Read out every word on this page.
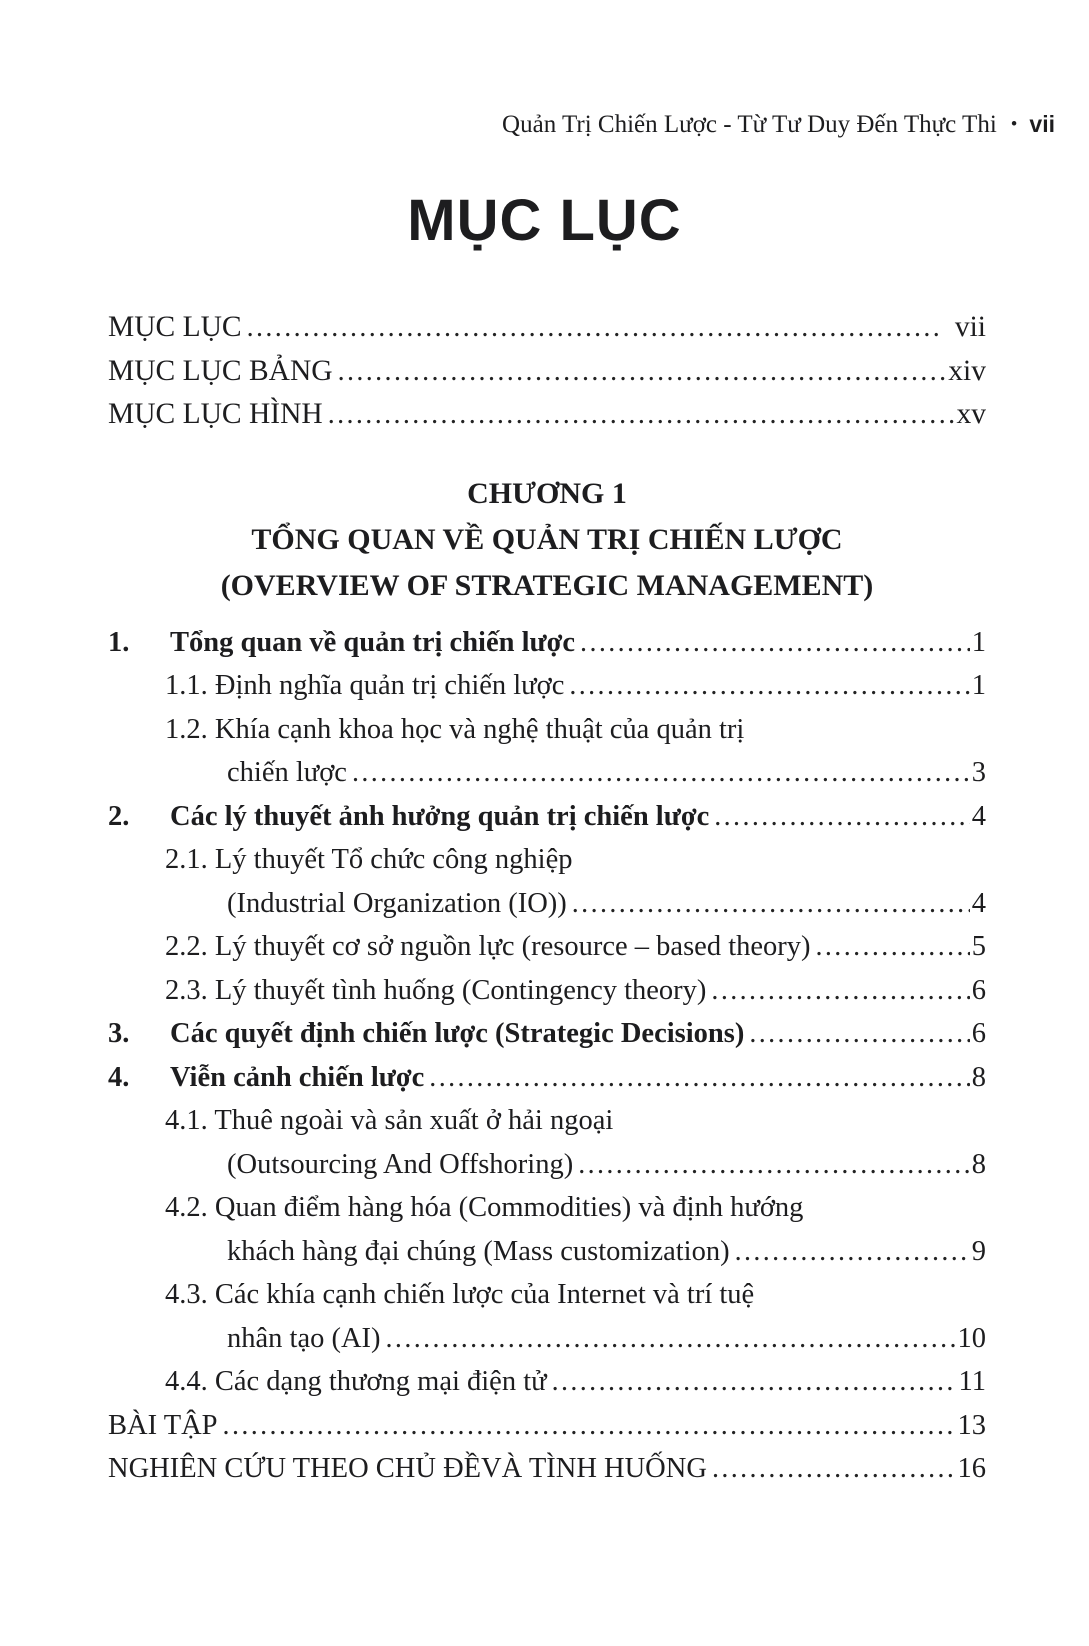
Quản Trị Chiến Lược - Từ Tư Duy Đến Thực Thi • vii
MỤC LỤC
MỤC LỤC .....	vii
MỤC LỤC BẢNG .....	xiv
MỤC LỤC HÌNH .....	xv
CHƯƠNG 1
TỔNG QUAN VỀ QUẢN TRỊ CHIẾN LƯỢC
(OVERVIEW OF STRATEGIC MANAGEMENT)
1.	Tổng quan về quản trị chiến lược .....	1
1.1. Định nghĩa quản trị chiến lược .....	1
1.2. Khía cạnh khoa học và nghệ thuật của quản trị
chiến lược .....	3
2.	Các lý thuyết ảnh hưởng quản trị chiến lược .....	4
2.1. Lý thuyết Tổ chức công nghiệp
(Industrial Organization (IO)) .....	4
2.2. Lý thuyết cơ sở nguồn lực (resource – based theory) .....	5
2.3. Lý thuyết tình huống (Contingency theory) .....	6
3.	Các quyết định chiến lược (Strategic Decisions) .....	6
4.	Viễn cảnh chiến lược .....	8
4.1. Thuê ngoài và sản xuất ở hải ngoại
(Outsourcing And Offshoring) .....	8
4.2. Quan điểm hàng hóa (Commodities) và định hướng
khách hàng đại chúng (Mass customization) .....	9
4.3. Các khía cạnh chiến lược của Internet và trí tuệ
nhân tạo (AI) .....	10
4.4. Các dạng thương mại điện tử .....	11
BÀI TẬP .....	13
NGHIÊN CỨU THEO CHỦ ĐỀVÀ TÌNH HUỐNG .....	16
